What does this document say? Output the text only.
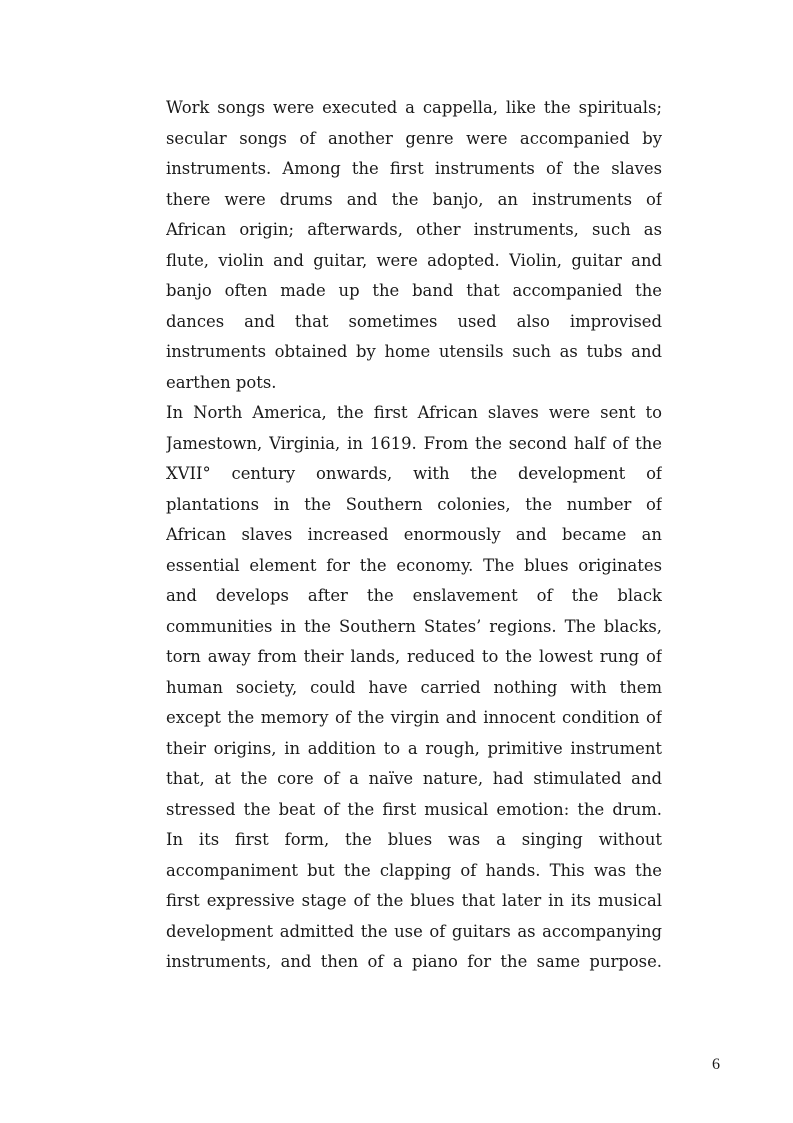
Work songs were executed a cappella, like the spirituals;
secular songs of another genre were accompanied by
instruments. Among the first instruments of the slaves
there were drums and the banjo, an instruments of
African origin; afterwards, other instruments, such as
flute, violin and guitar, were adopted. Violin, guitar and
banjo often made up the band that accompanied the
dances and that sometimes used also improvised
instruments obtained by home utensils such as tubs and
earthen pots.
In North America, the first African slaves were sent to
Jamestown, Virginia, in 1619. From the second half of the
XVII° century onwards, with the development of
plantations in the Southern colonies, the number of
African slaves increased enormously and became an
essential element for the economy. The blues originates
and develops after the enslavement of the black
communities in the Southern States’ regions. The blacks,
torn away from their lands, reduced to the lowest rung of
human society, could have carried nothing with them
except the memory of the virgin and innocent condition of
their origins, in addition to a rough, primitive instrument
that, at the core of a naïve nature, had stimulated and
stressed the beat of the first musical emotion: the drum.
In its first form, the blues was a singing without
accompaniment but the clapping of hands. This was the
first expressive stage of the blues that later in its musical
development admitted the use of guitars as accompanying
instruments, and then of a piano for the same purpose.
6
